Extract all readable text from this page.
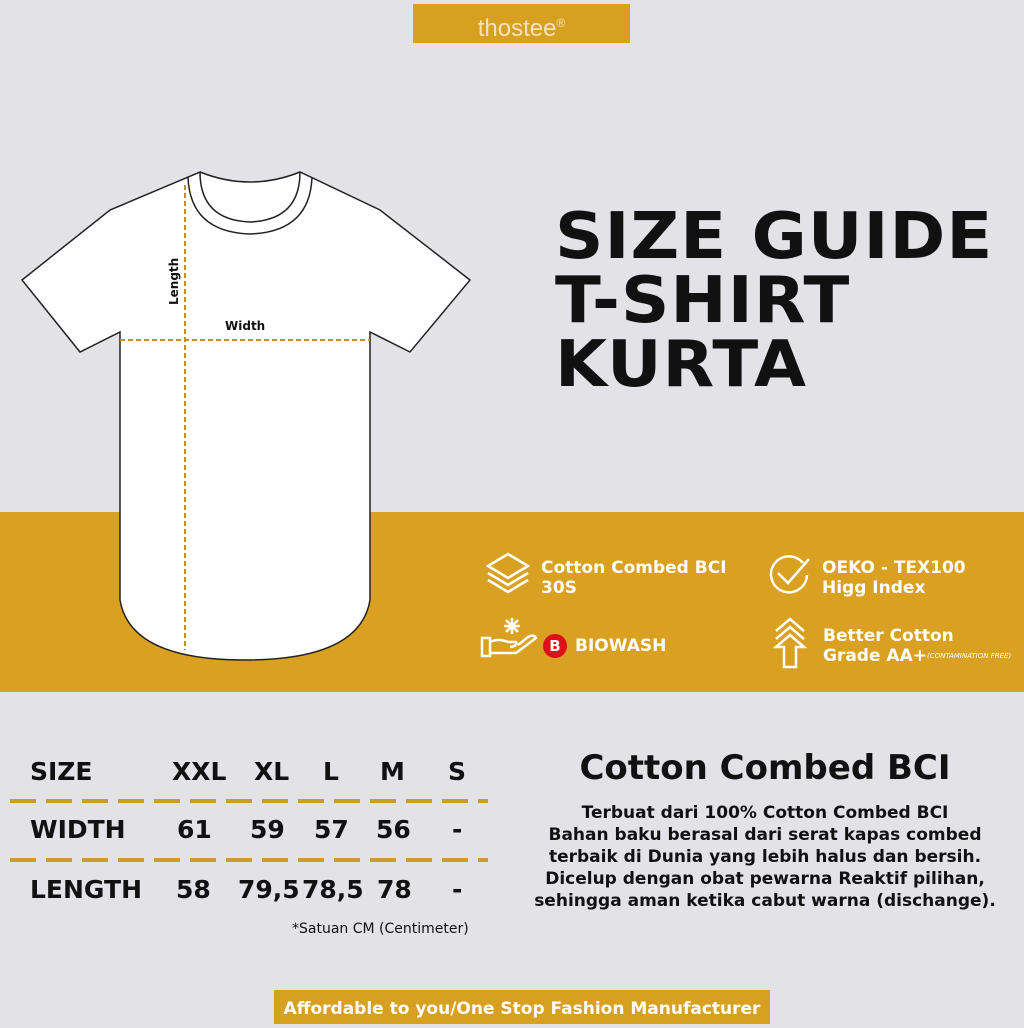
thostee®
Length
Width
SIZE GUIDE
T-SHIRT
KURTA
Cotton Combed BCI
30S
OEKO - TEX100
Higg Index
B BIOWASH	Better Cotton
Grade AA+$^{(CONTAMINATION FREE)}$
SIZE	XXL XL L M S
WIDTH 61 59 57 56 -
LENGTH 58 79,5 78,5 78 -
*Satuan CM (Centimeter)
Cotton Combed BCI
Terbuat dari 100% Cotton Combed BCI
Bahan baku berasal dari serat kapas combed
terbaik di Dunia yang lebih halus dan bersih.
Dicelup dengan obat pewarna Reaktif pilihan,
sehingga aman ketika cabut warna (dischange).
Affordable to you/One Stop Fashion Manufacturer
